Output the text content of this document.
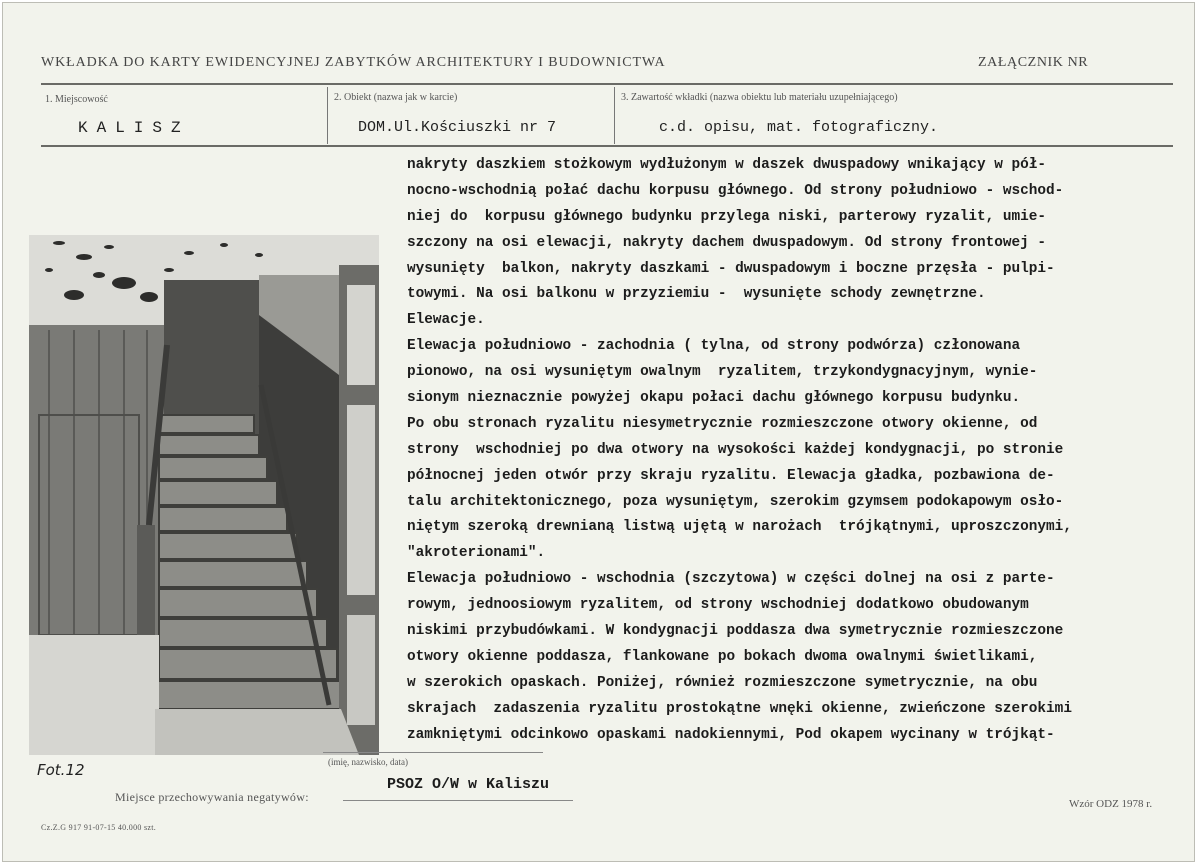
WKŁADKA DO KARTY EWIDENCYJNEJ ZABYTKÓW ARCHITEKTURY I BUDOWNICTWA	ZAŁĄCZNIK NR
1. Miejscowość
KALISZ
2. Obiekt (nazwa jak w karcie)
DOM.Ul.Kościuszki nr 7
3. Zawartość wkładki (nazwa obiektu lub materiału uzupełniającego)
c.d. opisu, mat. fotograficzny.
nakryty daszkiem stożkowym wydłużonym w daszek dwuspadowy wnikający w pół-
nocno-wschodnią połać dachu korpusu głównego. Od strony południowo - wschod-
niej do  korpusu głównego budynku przylega niski, parterowy ryzalit, umie-
szczony na osi elewacji, nakryty dachem dwuspadowym. Od strony frontowej -
wysunięty  balkon, nakryty daszkami - dwuspadowym i boczne przęsła - pulpi-
towymi. Na osi balkonu w przyziemiu -  wysunięte schody zewnętrzne.
Elewacje.
Elewacja południowo - zachodnia ( tylna, od strony podwórza) członowana
pionowo, na osi wysuniętym owalnym  ryzalitem, trzykondygnacyjnym, wynie-
sionym nieznacznie powyżej okapu połaci dachu głównego korpusu budynku.
Po obu stronach ryzalitu niesymetrycznie rozmieszczone otwory okienne, od
strony  wschodniej po dwa otwory na wysokości każdej kondygnacji, po stronie
północnej jeden otwór przy skraju ryzalitu. Elewacja gładka, pozbawiona de-
talu architektonicznego, poza wysuniętym, szerokim gzymsem podokapowym osło-
niętym szeroką drewnianą listwą ujętą w narożach  trójkątnymi, uproszczonymi,
"akroterionami".
Elewacja południowo - wschodnia (szczytowa) w części dolnej na osi z parte-
rowym, jednoosiowym ryzalitem, od strony wschodniej dodatkowo obudowanym
niskimi przybudówkami. W kondygnacji poddasza dwa symetrycznie rozmieszczone
otwory okienne poddasza, flankowane po bokach dwoma owalnymi świetlikami,
w szerokich opaskach. Poniżej, również rozmieszczone symetrycznie, na obu
skrajach  zadaszenia ryzalitu prostokątne wnęki okienne, zwieńczone szerokimi
zamkniętymi odcinkowo opaskami nadokiennymi, Pod okapem wycinany w trójkąt-
(imię, nazwisko, data)
Fot.12
Miejsce przechowywania negatywów:
PSOZ O/W w Kaliszu
Cz.Z.G 917 91-07-15 40.000 szt.
Wzór ODZ 1978 r.
